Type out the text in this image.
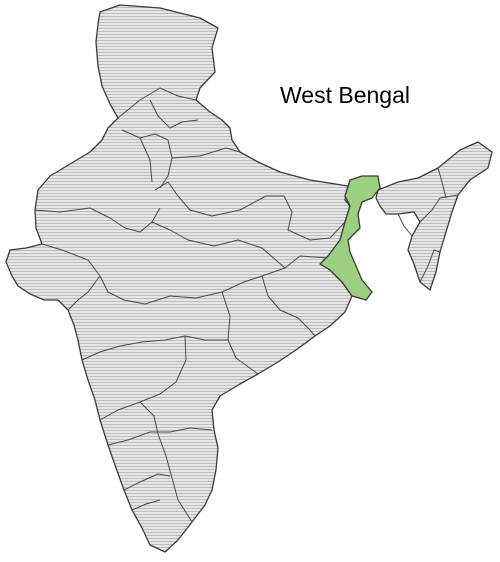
West Bengal
